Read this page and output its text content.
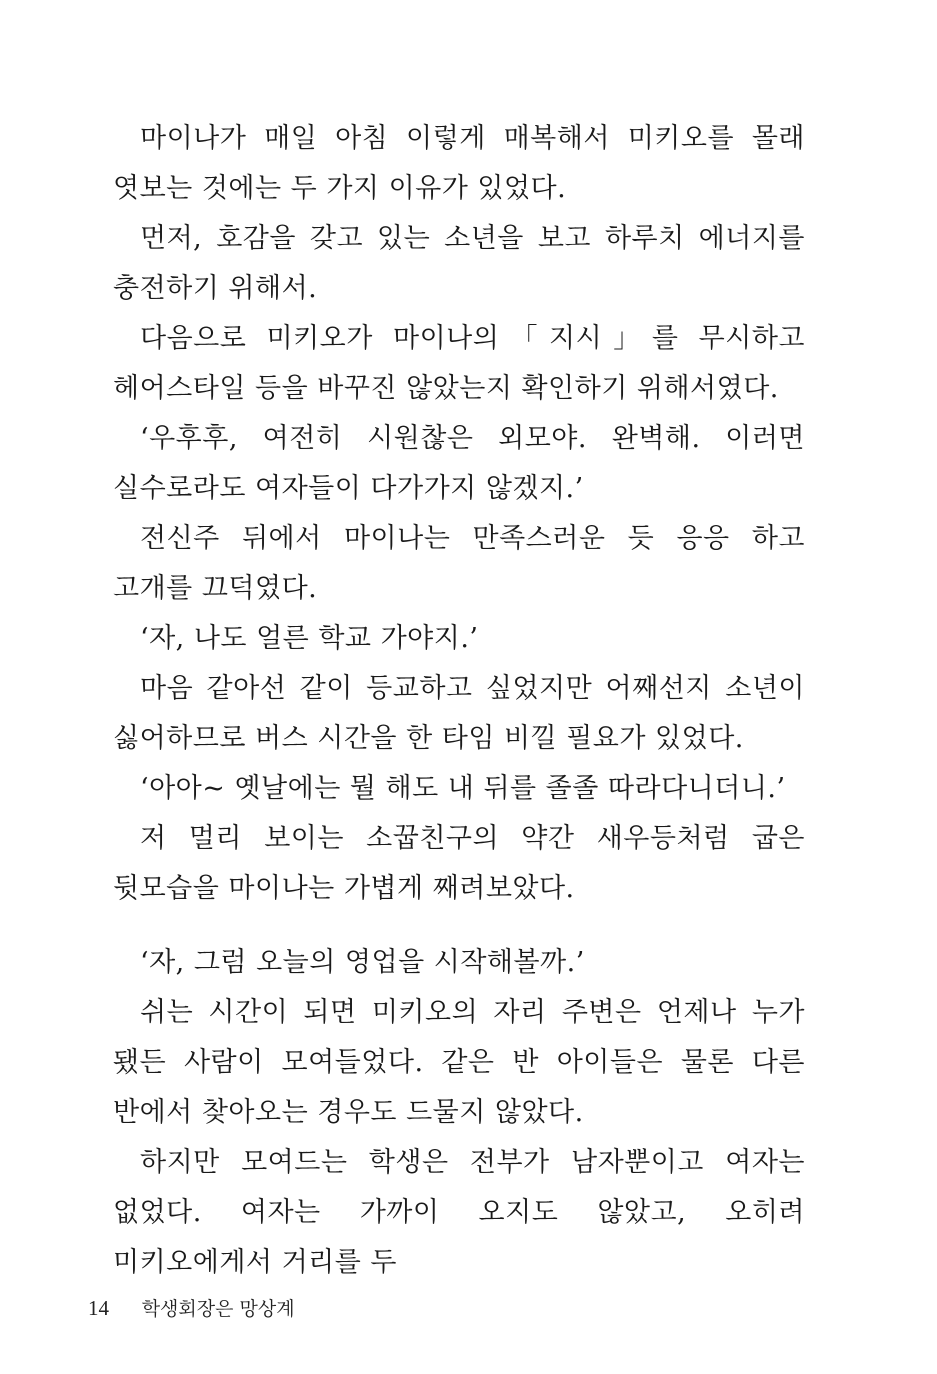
마이나가 매일 아침 이렇게 매복해서 미키오를 몰래 엿보는 것에는 두 가지 이유가 있었다.

먼저, 호감을 갖고 있는 소년을 보고 하루치 에너지를 충전하기 위해서.

다음으로 미키오가 마이나의「지시」를 무시하고 헤어스타일 등을 바꾸진 않았는지 확인하기 위해서였다.

‘우후후, 여전히 시원찮은 외모야. 완벽해. 이러면 실수로라도 여자들이 다가가지 않겠지.’

전신주 뒤에서 마이나는 만족스러운 듯 응응 하고 고개를 끄덕였다.

‘자, 나도 얼른 학교 가야지.’

마음 같아선 같이 등교하고 싶었지만 어째선지 소년이 싫어하므로 버스 시간을 한 타임 비낄 필요가 있었다.

‘아아~ 옛날에는 뭘 해도 내 뒤를 졸졸 따라다니더니.’

저 멀리 보이는 소꿉친구의 약간 새우등처럼 굽은 뒷모습을 마이나는 가볍게 째려보았다.

‘자, 그럼 오늘의 영업을 시작해볼까.’

쉬는 시간이 되면 미키오의 자리 주변은 언제나 누가 됐든 사람이 모여들었다. 같은 반 아이들은 물론 다른 반에서 찾아오는 경우도 드물지 않았다.

하지만 모여드는 학생은 전부가 남자뿐이고 여자는 없었다. 여자는 가까이 오지도 않았고, 오히려 미키오에게서 거리를 두

14 학생회장은 망상계
